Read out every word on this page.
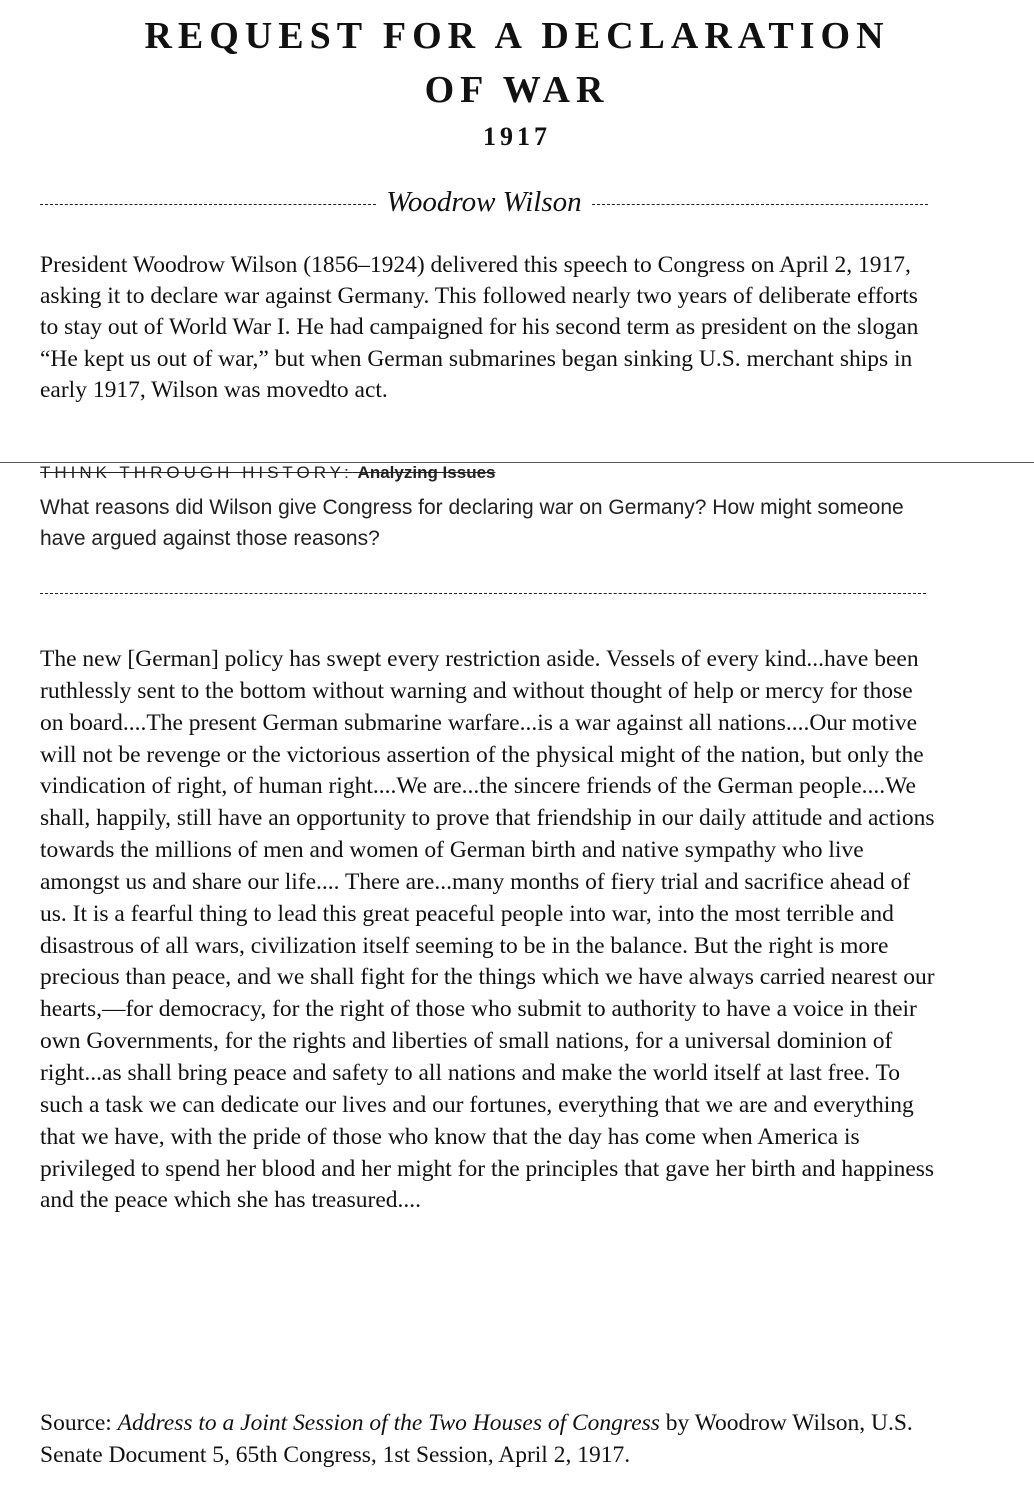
REQUEST FOR A DECLARATION
OF WAR
1917
Woodrow Wilson

President Woodrow Wilson (1856–1924) delivered this speech to Congress on April 2, 1917, asking it to declare war against Germany. This followed nearly two years of deliberate efforts to stay out of World War I. He had campaigned for his second term as president on the slogan “He kept us out of war,” but when German submarines began sinking U.S. merchant ships in early 1917, Wilson was movedto act.

THINK THROUGH HISTORY: Analyzing Issues

What reasons did Wilson give Congress for declaring war on Germany? How might someone have argued against those reasons?

The new [German] policy has swept every restriction aside. Vessels of every kind...have been ruthlessly sent to the bottom without warning and without thought of help or mercy for those on board....The present German submarine warfare...is a war against all nations....Our motive will not be revenge or the victorious assertion of the physical might of the nation, but only the vindication of right, of human right....We are...the sincere friends of the German people....We shall, happily, still have an opportunity to prove that friendship in our daily attitude and actions towards the millions of men and women of German birth and native sympathy who live amongst us and share our life.... There are...many months of fiery trial and sacrifice ahead of us. It is a fearful thing to lead this great peaceful people into war, into the most terrible and disastrous of all wars, civilization itself seeming to be in the balance. But the right is more precious than peace, and we shall fight for the things which we have always carried nearest our hearts,—for democracy, for the right of those who submit to authority to have a voice in their own Governments, for the rights and liberties of small nations, for a universal dominion of right...as shall bring peace and safety to all nations and make the world itself at last free. To such a task we can dedicate our lives and our fortunes, everything that we are and everything that we have, with the pride of those who know that the day has come when America is privileged to spend her blood and her might for the principles that gave her birth and happiness and the peace which she has treasured....

Source: Address to a Joint Session of the Two Houses of Congress by Woodrow Wilson, U.S. Senate Document 5, 65th Congress, 1st Session, April 2, 1917.
